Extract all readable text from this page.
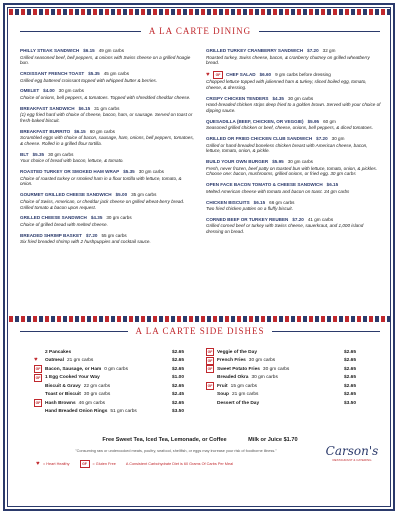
A LA CARTE DINING
PHILLY STEAK SANDWICH $6.15 49 gm carbs
Grilled seasoned beef, bell peppers, & onions with Swiss cheese on a grilled hoagie bun.
CROISSANT FRENCH TOAST $5.35 45 gm carbs
Grilled egg battered croissant topped with whipped butter & berries.
OMELET $4.00 30 gm carbs
Choice of onions, bell peppers, & tomatoes. Topped with shredded cheddar cheese.
BREAKFAST SANDWICH $6.15 31 gm carbs
(1) egg fried hard with choice of cheese, bacon, ham, or sausage. Served on toast or fresh-baked biscuit.
BREAKFAST BURRITO $6.15 60 gm carbs
Scrambled eggs with choice of bacon, sausage, ham, onions, bell peppers, tomatoes, & cheese. Rolled in a grilled flour tortilla.
BLT $5.35 30 gm carbs
Your choice of bread with bacon, lettuce, & tomato.
ROASTED TURKEY OR SMOKED HAM WRAP $5.35 30 gm carbs
Choice of roasted turkey or smoked ham in a flour tortilla with lettuce, tomato, & onion.
GOURMET GRILLED CHEESE SANDWICH $5.00 35 gm carbs
Choice of Swiss, American, or cheddar jack cheese on grilled wheat-berry bread. Grilled tomato & bacon upon request.
GRILLED CHEESE SANDWICH $4.35 30 gm carbs
Choice of grilled bread with melted cheese.
BREADED SHRIMP BASKET $7.20 55 gm carbs
Six fried breaded shrimp with 2 hushpuppies and cocktail sauce.
GRILLED TURKEY CRANBERRY SANDWICH $7.20 32 gm
Roasted turkey, Swiss cheese, bacon, & cranberry chutney on grilled wheatberry bread.
♥	GF	CHEF SALAD $6.60 9 gm carbs before dressing
Chopped lettuce topped with julienned ham & turkey, sliced boiled egg, tomato, cheese, & dressing.
CRISPY CHICKEN TENDERS $4.35 30 gm carbs
Hand-breaded chicken strips deep fried to a golden brown. Served with your choice of dipping sauce.
QUESADILLA (BEEF, CHICKEN, OR VEGGIE) $5.95 60 gm
Seasoned grilled chicken or beef, cheese, onions, bell peppers, & diced tomatoes.
GRILLED OR FRIED CHICKEN CLUB SANDWICH $7.20 30 gm
Grilled or hand-breaded boneless chicken breast with American cheese, bacon, lettuce, tomato, onion, & pickle.
BUILD YOUR OWN BURGER $5.95 30 gm carbs
Fresh, never frozen, beef patty on toasted bun with lettuce, tomato, onion, & pickles. Choose one: bacon, mushrooms, grilled onions, or fried egg. 30 gm carbs
OPEN FACE BACON TOMATO & CHEESE SANDWICH $6.15
Melted American cheese with tomato and bacon on toast. 34 gm carbs
CHICKEN BISCUITS $6.15 66 gm carbs
Two fried chicken patties on a fluffy biscuit.
CORNED BEEF OR TURKEY REUBEN $7.20 41 gm carbs
Grilled corned beef or turkey with Swiss cheese, sauerkraut, and 1,000 island dressing on bread.
A LA CARTE SIDE DISHES
2 Pancakes	$2.65
♥ Oatmeal 21 gm carbs	$2.65
GF Bacon, Sausage, or Ham 0 gm carbs	$2.65
GF 1 Egg Cooked Your Way	$1.00
Biscuit & Gravy 22 gm carbs	$2.65
Toast or Biscuit 30 gm carbs	$2.45
GF Hash Browns 46 gm carbs	$2.65
Hand Breaded Onion Rings 51 gm carbs	$3.50
GF Veggie of the Day	$2.65
GF French Fries 30 gm carbs	$2.65
GF Sweet Potato Fries 30 gm carbs	$2.65
Breaded Okra 30 gm carbs	$2.65
GF Fruit 15 gm carbs	$2.65
Soup 21 gm carbs	$2.65
Dessert of the Day	$3.50
Free Sweet Tea, Iced Tea, Lemonade, or Coffee	Milk or Juice $1.70
"Consuming raw or undercooked meats, poultry, seafood, shellfish, or eggs may increase your risk of foodborne illness."
♥ = Heart Healthy	GF	= Gluten Free	A Consistent Carbohydrate Diet is 60 Grams Of Carbs Per Meal
Carson's
RESTAURANT & CATERING
